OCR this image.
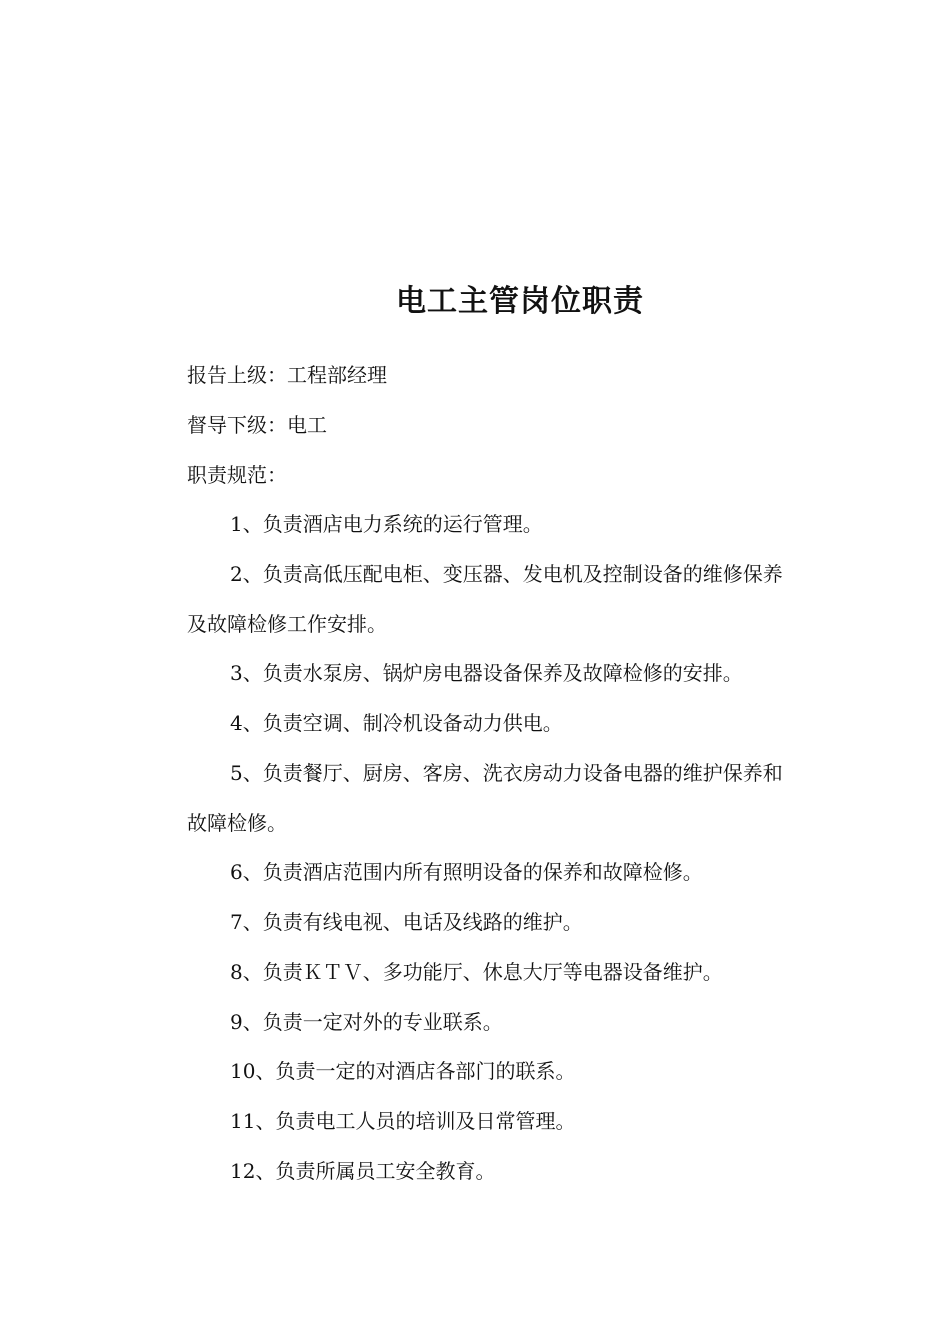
电工主管岗位职责
报告上级：工程部经理
督导下级：电工
职责规范：
1、负责酒店电力系统的运行管理。
2、负责高低压配电柜、变压器、发电机及控制设备的维修保养
及故障检修工作安排。
3、负责水泵房、锅炉房电器设备保养及故障检修的安排。
4、负责空调、制冷机设备动力供电。
5、负责餐厅、厨房、客房、洗衣房动力设备电器的维护保养和
故障检修。
6、负责酒店范围内所有照明设备的保养和故障检修。
7、负责有线电视、电话及线路的维护。
8、负责ＫＴＶ、多功能厅、休息大厅等电器设备维护。
9、负责一定对外的专业联系。
10、负责一定的对酒店各部门的联系。
11、负责电工人员的培训及日常管理。
12、负责所属员工安全教育。
